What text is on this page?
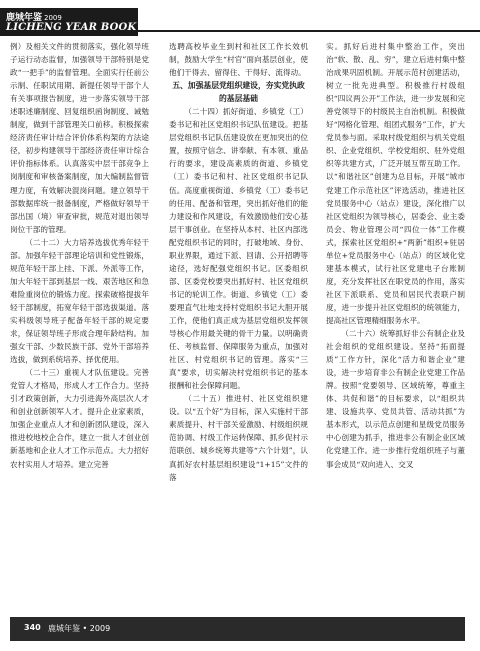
鹿城年鉴 2009
LICHENG YEAR BOOK

例）及相关文件的贯彻落实，强化领导班子运行动态监督，加强领导干部特别是党政“一把手”的监督管理。全面实行任前公示制、任职试用期、新提任领导干部个人有关事项报告制度，进一步落实领导干部述职述廉制度、回复组织函询制度、诫勉制度，做到干部管理关口前移。积极探索经济责任审计结合评价体系构架的方法途径，初步构建领导干部经济责任审计综合评价指标体系。认真落实中层干部竞争上岗制度和审核备案制度，加大编制监督管理力度，有效解决混岗问题。建立领导干部数据库统一报备制度，严格做好领导干部出国（境）审查审批，规范对退出领导岗位干部的管理。

（二十二）大力培养选拔优秀年轻干部。加强年轻干部理论培训和党性锻炼，规范年轻干部上挂、下派、外派等工作，加大年轻干部到基层一线、艰苦地区和急难险重岗位的锻炼力度。探索破格提拔年轻干部制度，拓宽年轻干部选拔渠道。落实科级领导班子配备年轻干部的规定要求，保证领导班子形成合理年龄结构。加强女干部、少数民族干部、党外干部培养选拔，做到系统培养、择优使用。

（二十三）重视人才队伍建设。完善党管人才格局，形成人才工作合力。坚持引才政策创新，大力引进海外高层次人才和创业创新领军人才。提升企业家素质，加强企业重点人才和创新团队建设，深入推进校地校企合作，建立一批人才创业创新基地和企业人才工作示范点。大力招好农村实用人才培养。建立完善

选聘高校毕业生到村和社区工作长效机制，鼓励大学生“村官”面向基层创业，使他们干得去、留得住、干得好、流得动。

五、加强基层党组织建设，夯实党执政的基层基础

（二十四）抓好街道、乡镇党（工）委书记和社区党组织书记队伍建设。把基层党组织书记队伍建设放在更加突出的位置，按照守信念、讲奉献、有本领、重品行的要求，建设高素质的街道、乡镇党（工）委书记和村、社区党组织书记队伍。高度重视街道、乡镇党（工）委书记的任用、配备和管理，突出抓好他们的能力建设和作风建设，有效激励他们安心基层干事创业。在坚持从本村、社区内部选配党组织书记的同时，打破地域、身份、职业界限，通过下派、回请、公开招聘等途径，选好配强党组织书记。区委组织部、区委党校要突出抓好村、社区党组织书记的轮训工作。街道、乡镇党（工）委要理直气壮地支持村党组织书记大胆开展工作，使他们真正成为基层党组织发挥领导核心作用最关键的骨干力量。以明确责任、考核监督、保障服务为重点，加强对社区、村党组织书记的管理。落实“三真”要求，切实解决村党组织书记的基本报酬和社会保障问题。

（二十五）推进村、社区党组织建设。以“五个好”为目标，深入实施村干部素质提升、村干部关爱激励、村级组织规范协调、村级工作运转保障、抓乡促村示范联创、城乡统筹共建等“六个计划”，认真抓好农村基层组织建设“1+15”文件的落

实。抓好后进村集中整治工作，突出治“软、散、乱、穷”，建立后进村集中整治成果巩固机制。开展示范村创建活动，树立一批先进典型。积极推行村级组织“四议两公开”工作法，进一步发展和完善党领导下的村级民主自治机制。积极做好“网格化管理、组团式服务”工作，扩大党员参与面。采取村级党组织与机关党组织、企业党组织、学校党组织、驻外党组织等共建方式，广泛开展互帮互助工作。以“和谐社区”创建为总目标，开展“城市党建工作示范社区”评选活动，推进社区党员服务中心（站点）建设，深化推广以社区党组织为领导核心，居委会、业主委员会、物业管理公司“四位一体”工作模式，探索社区党组织+“两新”组织+驻居单位+党员服务中心（站点）的区域化党建基本模式，试行社区党建电子台账制度，充分发挥社区在职党员的作用，落实社区下派联系、党员和居民代表联户制度，进一步提升社区党组织的统领能力，提高社区管理精细服务水平。

（二十六）统筹抓好非公有制企业及社会组织的党组织建设。坚持“拓面提质”工作方针，深化“活力和谐企业”建设，进一步培育非公有制企业党建工作品牌。按照“党要领导、区域统筹，尊重主体、共促和谐”的目标要求，以“组织共建、设施共享、党员共管、活动共抓”为基本形式，以示范点创建和星级党员服务中心创建为抓手，推进非公有制企业区域化党建工作。进一步推行党组织班子与董事会成员“双向进入、交叉

340 鹿城年鉴 • 2009
